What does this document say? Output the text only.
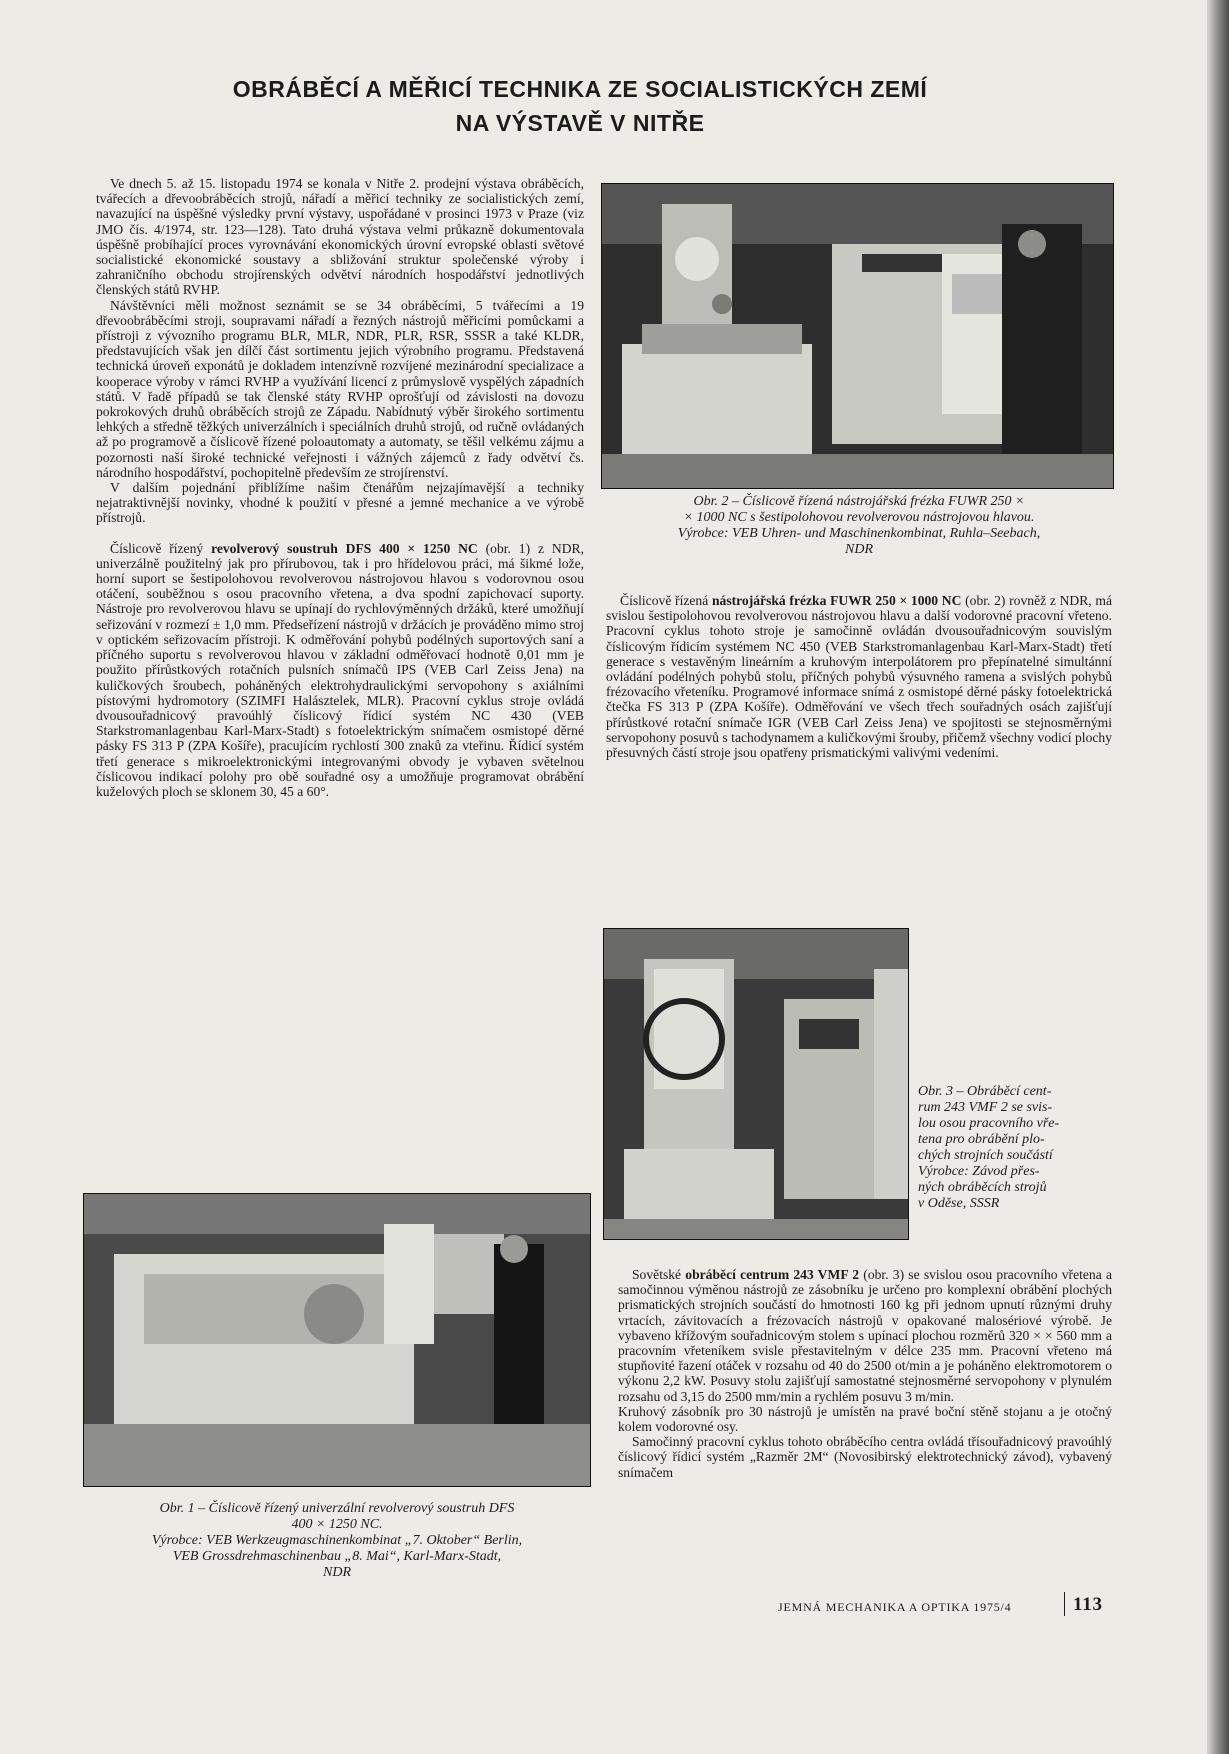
OBRÁBĚCÍ A MĚŘICÍ TECHNIKA ZE SOCIALISTICKÝCH ZEMÍ
NA VÝSTAVĚ V NITŘE

Ve dnech 5. až 15. listopadu 1974 se konala v Nitře 2. prodejní výstava obráběcích, tvářecích a dřevoobráběcích strojů, nářadí a měřicí techniky ze socialistických zemí, navazující na úspěšné výsledky první výstavy, uspořádané v prosinci 1973 v Praze (viz JMO čís. 4/1974, str. 123—128). Tato druhá výstava velmi průkazně dokumentovala úspěšně probíhající proces vyrovnávání ekonomických úrovní evropské oblasti světové socialistické ekonomické soustavy a sbližování struktur společenské výroby i zahraničního obchodu strojírenských odvětví národních hospodářství jednotlivých členských států RVHP.

Návštěvníci měli možnost seznámit se se 34 obráběcími, 5 tvářecími a 19 dřevoobráběcími stroji, soupravami nářadí a řezných nástrojů měřicími pomůckami a přístroji z vývozního programu BLR, MLR, NDR, PLR, RSR, SSSR a také KLDR, představujících však jen dílčí část sortimentu jejich výrobního programu. Představená technická úroveň exponátů je dokladem intenzívně rozvíjené mezinárodní specializace a kooperace výroby v rámci RVHP a využívání licencí z průmyslově vyspělých západních států. V řadě případů se tak členské státy RVHP oprošťují od závislosti na dovozu pokrokových druhů obráběcích strojů ze Západu. Nabídnutý výběr širokého sortimentu lehkých a středně těžkých univerzálních i speciálních druhů strojů, od ručně ovládaných až po programově a číslicově řízené poloautomaty a automaty, se těšil velkému zájmu a pozornosti naší široké technické veřejnosti i vážných zájemců z řady odvětví čs. národního hospodářství, pochopitelně především ze strojírenství.

V dalším pojednání přiblížíme našim čtenářům nejzajímavější a techniky nejatraktivnější novinky, vhodné k použití v přesné a jemné mechanice a ve výrobě přístrojů.

Číslicově řízený revolverový soustruh DFS 400 × 1250 NC (obr. 1) z NDR, univerzálně použitelný jak pro přírubovou, tak i pro hřídelovou práci, má šikmé lože, horní suport se šestipolohovou revolverovou nástrojovou hlavou s vodorovnou osou otáčení, souběžnou s osou pracovního vřetena, a dva spodní zapichovací suporty. Nástroje pro revolverovou hlavu se upínají do rychlovýměnných držáků, které umožňují seřizování v rozmezí ± 1,0 mm. Předseřízení nástrojů v držácích je prováděno mimo stroj v optickém seřizovacím přístroji. K odměřování pohybů podélných suportových saní a příčného suportu s revolverovou hlavou v základní odměřovací hodnotě 0,01 mm je použito přírůstkových rotačních pulsních snímačů IPS (VEB Carl Zeiss Jena) na kuličkových šroubech, poháněných elektrohydraulickými servopohony s axiálními pístovými hydromotory (SZIMFI Halásztelek, MLR). Pracovní cyklus stroje ovládá dvousouřadnicový pravoúhlý číslicový řídicí systém NC 430 (VEB Starkstromanlagenbau Karl-Marx-Stadt) s fotoelektrickým snímačem osmistopé děrné pásky FS 313 P (ZPA Košíře), pracujícím rychlostí 300 znaků za vteřinu. Řídicí systém třetí generace s mikroelektronickými integrovanými obvody je vybaven světelnou číslicovou indikací polohy pro obě souřadné osy a umožňuje programovat obrábění kuželových ploch se sklonem 30, 45 a 60°.

Obr. 2 – Číslicově řízená nástrojářská frézka FUWR 250 ×
× 1000 NC s šestipolohovou revolverovou nástrojovou hlavou.
Výrobce: VEB Uhren- und Maschinenkombinat, Ruhla–Seebach,
NDR

Číslicově řízená nástrojářská frézka FUWR 250 × 1000 NC (obr. 2) rovněž z NDR, má svislou šestipolohovou revolverovou nástrojovou hlavu a další vodorovné pracovní vřeteno. Pracovní cyklus tohoto stroje je samočinně ovládán dvousouřadnicovým souvislým číslicovým řídicím systémem NC 450 (VEB Starkstromanlagenbau Karl-Marx-Stadt) třetí generace s vestavěným lineárním a kruhovým interpolátorem pro přepínatelné simultánní ovládání podélných pohybů stolu, příčných pohybů výsuvného ramena a svislých pohybů frézovacího vřeteníku. Programové informace snímá z osmistopé děrné pásky fotoelektrická čtečka FS 313 P (ZPA Košíře). Odměřování ve všech třech souřadných osách zajišťují přírůstkové rotační snímače IGR (VEB Carl Zeiss Jena) ve spojitosti se stejnosměrnými servopohony posuvů s tachodynamem a kuličkovými šrouby, přičemž všechny vodicí plochy přesuvných částí stroje jsou opatřeny prismatickými valivými vedeními.

Obr. 3 – Obráběcí cent-
rum 243 VMF 2 se svis-
lou osou pracovního vře-
tena pro obrábění plo-
chých strojních součástí
Výrobce: Závod přes-
ných obráběcích strojů
v Oděse, SSSR

Sovětské obráběcí centrum 243 VMF 2 (obr. 3) se svislou osou pracovního vřetena a samočinnou výměnou nástrojů ze zásobníku je určeno pro komplexní obrábění plochých prismatických strojních součástí do hmotnosti 160 kg při jednom upnutí různými druhy vrtacích, závitovacích a frézovacích nástrojů v opakované malosériové výrobě. Je vybaveno křížovým souřadnicovým stolem s upínací plochou rozměrů 320 × × 560 mm a pracovním vřeteníkem svisle přestavitelným v délce 235 mm. Pracovní vřeteno má stupňovité řazení otáček v rozsahu od 40 do 2500 ot/min a je poháněno elektromotorem o výkonu 2,2 kW. Posuvy stolu zajišťují samostatné stejnosměrné servopohony v plynulém rozsahu od 3,15 do 2500 mm/min a rychlém posuvu 3 m/min.

Kruhový zásobník pro 30 nástrojů je umístěn na pravé boční stěně stojanu a je otočný kolem vodorovné osy.

Samočinný pracovní cyklus tohoto obráběcího centra ovládá třísouřadnicový pravoúhlý číslicový řídicí systém „Razměr 2M“ (Novosibirský elektrotechnický závod), vybavený snímačem

Obr. 1 – Číslicově řízený univerzální revolverový soustruh DFS
400 × 1250 NC.
Výrobce: VEB Werkzeugmaschinenkombinat „7. Oktober“ Berlin,
VEB Grossdrehmaschinenbau „8. Mai“, Karl-Marx-Stadt,
NDR
JEMNÁ MECHANIKA A OPTIKA 1975/4	113
